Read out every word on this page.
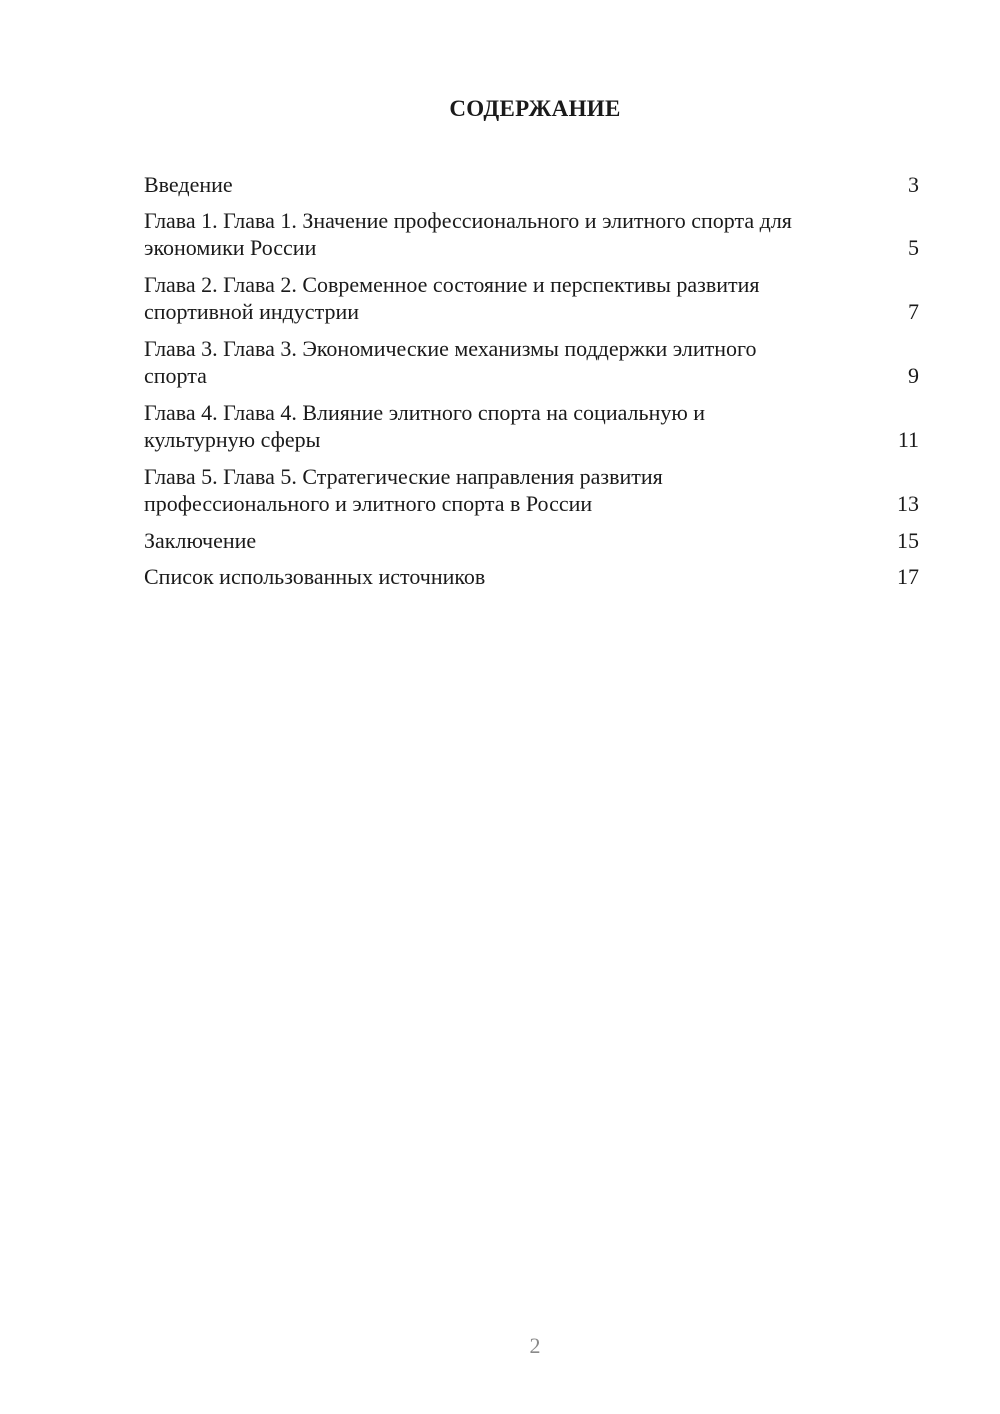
СОДЕРЖАНИЕ
Введение	3
Глава 1. Глава 1. Значение профессионального и элитного спорта для экономики России	5
Глава 2. Глава 2. Современное состояние и перспективы развития спортивной индустрии	7
Глава 3. Глава 3. Экономические механизмы поддержки элитного спорта	9
Глава 4. Глава 4. Влияние элитного спорта на социальную и культурную сферы	11
Глава 5. Глава 5. Стратегические направления развития профессионального и элитного спорта в России	13
Заключение	15
Список использованных источников	17
2
